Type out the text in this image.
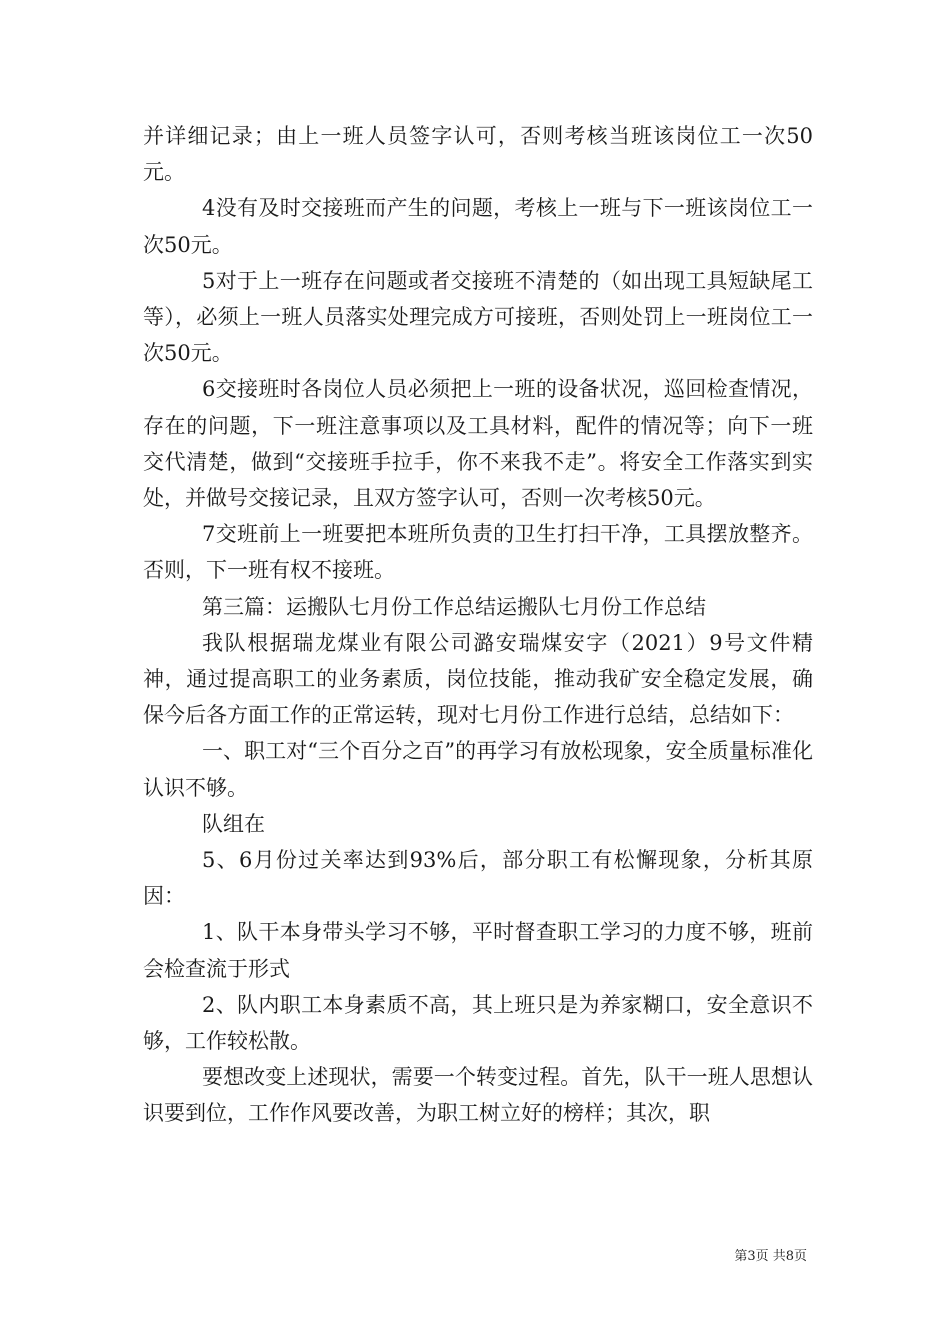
并详细记录；由上一班人员签字认可，否则考核当班该岗位工一次50元。

4没有及时交接班而产生的问题，考核上一班与下一班该岗位工一次50元。

5对于上一班存在问题或者交接班不清楚的（如出现工具短缺尾工等），必须上一班人员落实处理完成方可接班，否则处罚上一班岗位工一次50元。

6交接班时各岗位人员必须把上一班的设备状况，巡回检查情况，存在的问题，下一班注意事项以及工具材料，配件的情况等；向下一班交代清楚，做到“交接班手拉手，你不来我不走”。将安全工作落实到实处，并做号交接记录，且双方签字认可，否则一次考核50元。

7交班前上一班要把本班所负责的卫生打扫干净，工具摆放整齐。否则，下一班有权不接班。

第三篇：运搬队七月份工作总结运搬队七月份工作总结

我队根据瑞龙煤业有限公司潞安瑞煤安字（2021）9号文件精神，通过提高职工的业务素质，岗位技能，推动我矿安全稳定发展，确保今后各方面工作的正常运转，现对七月份工作进行总结，总结如下：

一、职工对“三个百分之百”的再学习有放松现象，安全质量标准化认识不够。

队组在

5、6月份过关率达到93%后，部分职工有松懈现象，分析其原因：

1、队干本身带头学习不够，平时督查职工学习的力度不够，班前会检查流于形式

2、队内职工本身素质不高，其上班只是为养家糊口，安全意识不够，工作较松散。

要想改变上述现状，需要一个转变过程。首先，队干一班人思想认识要到位，工作作风要改善，为职工树立好的榜样；其次，职

第3页 共8页
